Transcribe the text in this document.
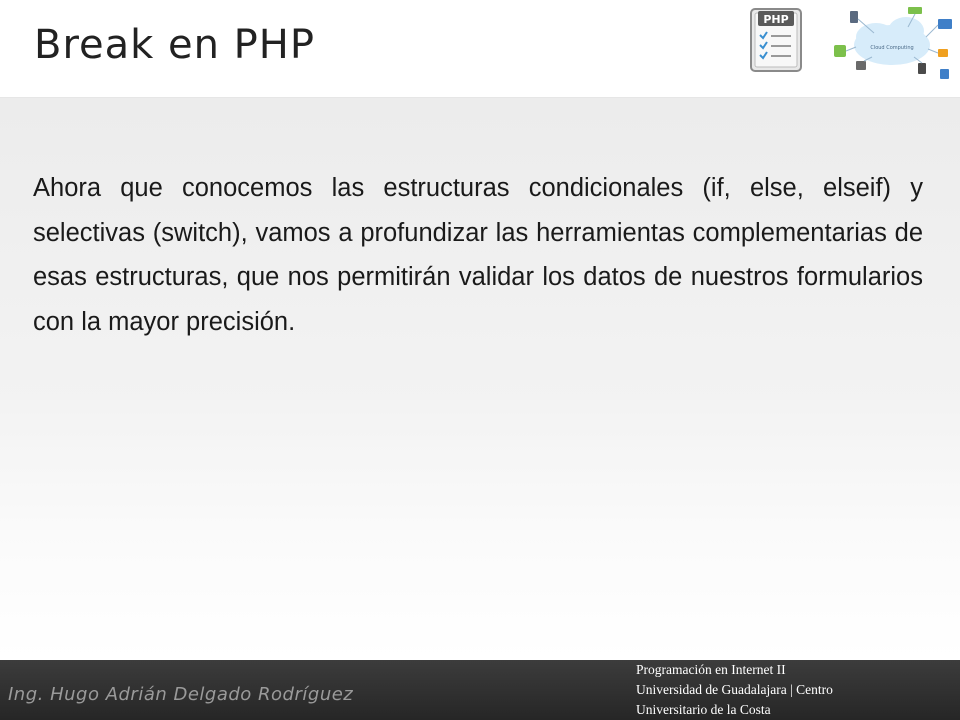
Break en PHP
PHP
Cloud Computing

Ahora que conocemos las estructuras condicionales (if, else, elseif) y selectivas (switch), vamos a profundizar las herramientas complementarias de esas estructuras, que nos permitirán validar los datos de nuestros formularios con la mayor precisión.

Ing. Hugo Adrián Delgado Rodríguez
Programación en Internet II
Universidad de Guadalajara | Centro
Universitario de la Costa
